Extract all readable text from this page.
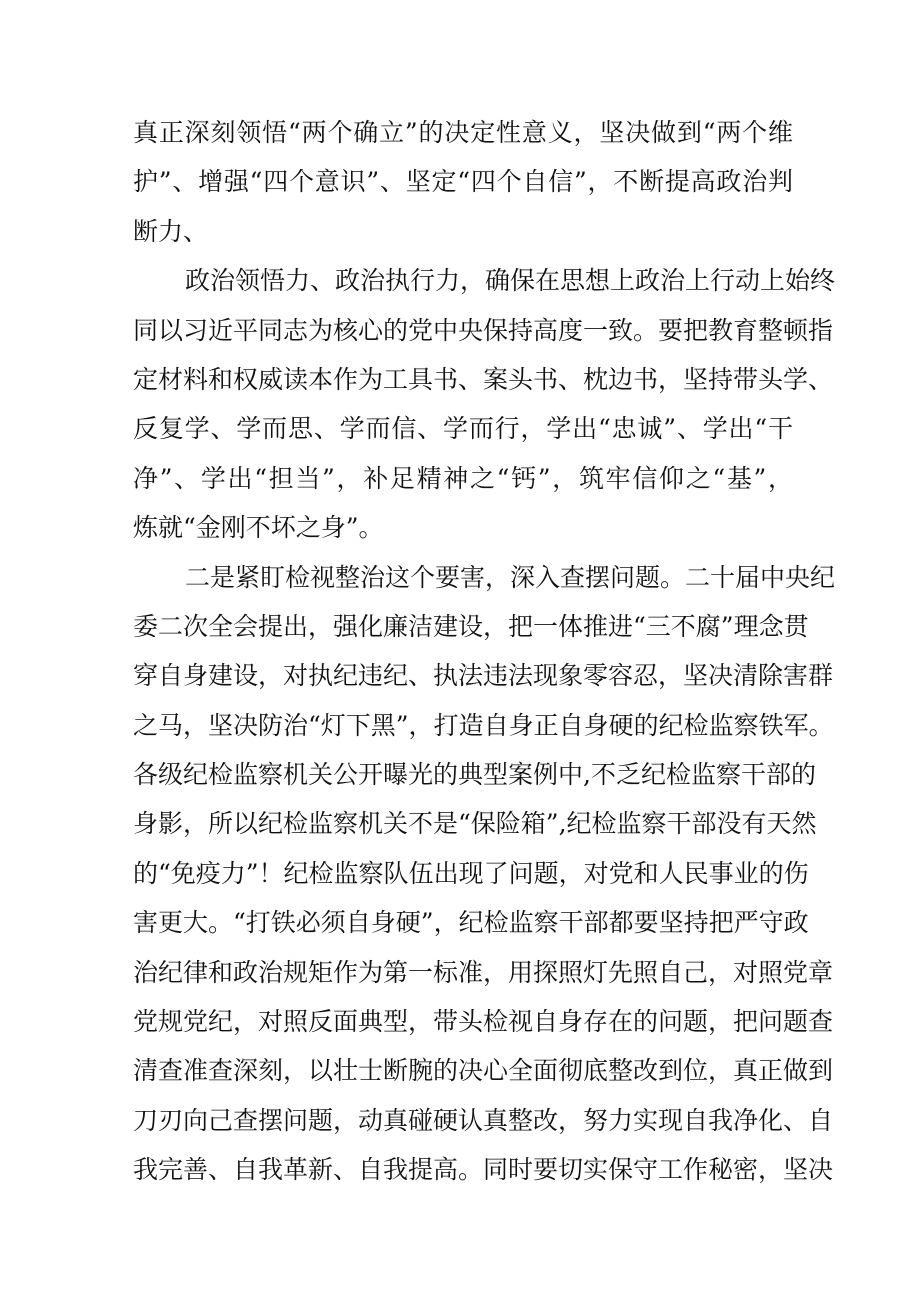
真正深刻领悟“两个确立”的决定性意义，坚决做到“两个维
护”、增强“四个意识”、坚定“四个自信”，不断提高政治判
断力、
政治领悟力、政治执行力，确保在思想上政治上行动上始终
同以习近平同志为核心的党中央保持高度一致。要把教育整顿指
定材料和权威读本作为工具书、案头书、枕边书，坚持带头学、
反复学、学而思、学而信、学而行，学出“忠诚”、学出“干
净”、学出“担当”，补足精神之“钙”，筑牢信仰之“基”，
炼就“金刚不坏之身”。
二是紧盯检视整治这个要害，深入查摆问题。二十届中央纪
委二次全会提出，强化廉洁建设，把一体推进“三不腐”理念贯
穿自身建设，对执纪违纪、执法违法现象零容忍，坚决清除害群
之马，坚决防治“灯下黑”，打造自身正自身硬的纪检监察铁军。
各级纪检监察机关公开曝光的典型案例中,不乏纪检监察干部的
身影，所以纪检监察机关不是“保险箱”,纪检监察干部没有天然
的“免疫力”！纪检监察队伍出现了问题，对党和人民事业的伤
害更大。“打铁必须自身硬”，纪检监察干部都要坚持把严守政
治纪律和政治规矩作为第一标准，用探照灯先照自己，对照党章
党规党纪，对照反面典型，带头检视自身存在的问题，把问题查
清查准查深刻，以壮士断腕的决心全面彻底整改到位，真正做到
刀刃向己查摆问题，动真碰硬认真整改，努力实现自我净化、自
我完善、自我革新、自我提高。同时要切实保守工作秘密，坚决
